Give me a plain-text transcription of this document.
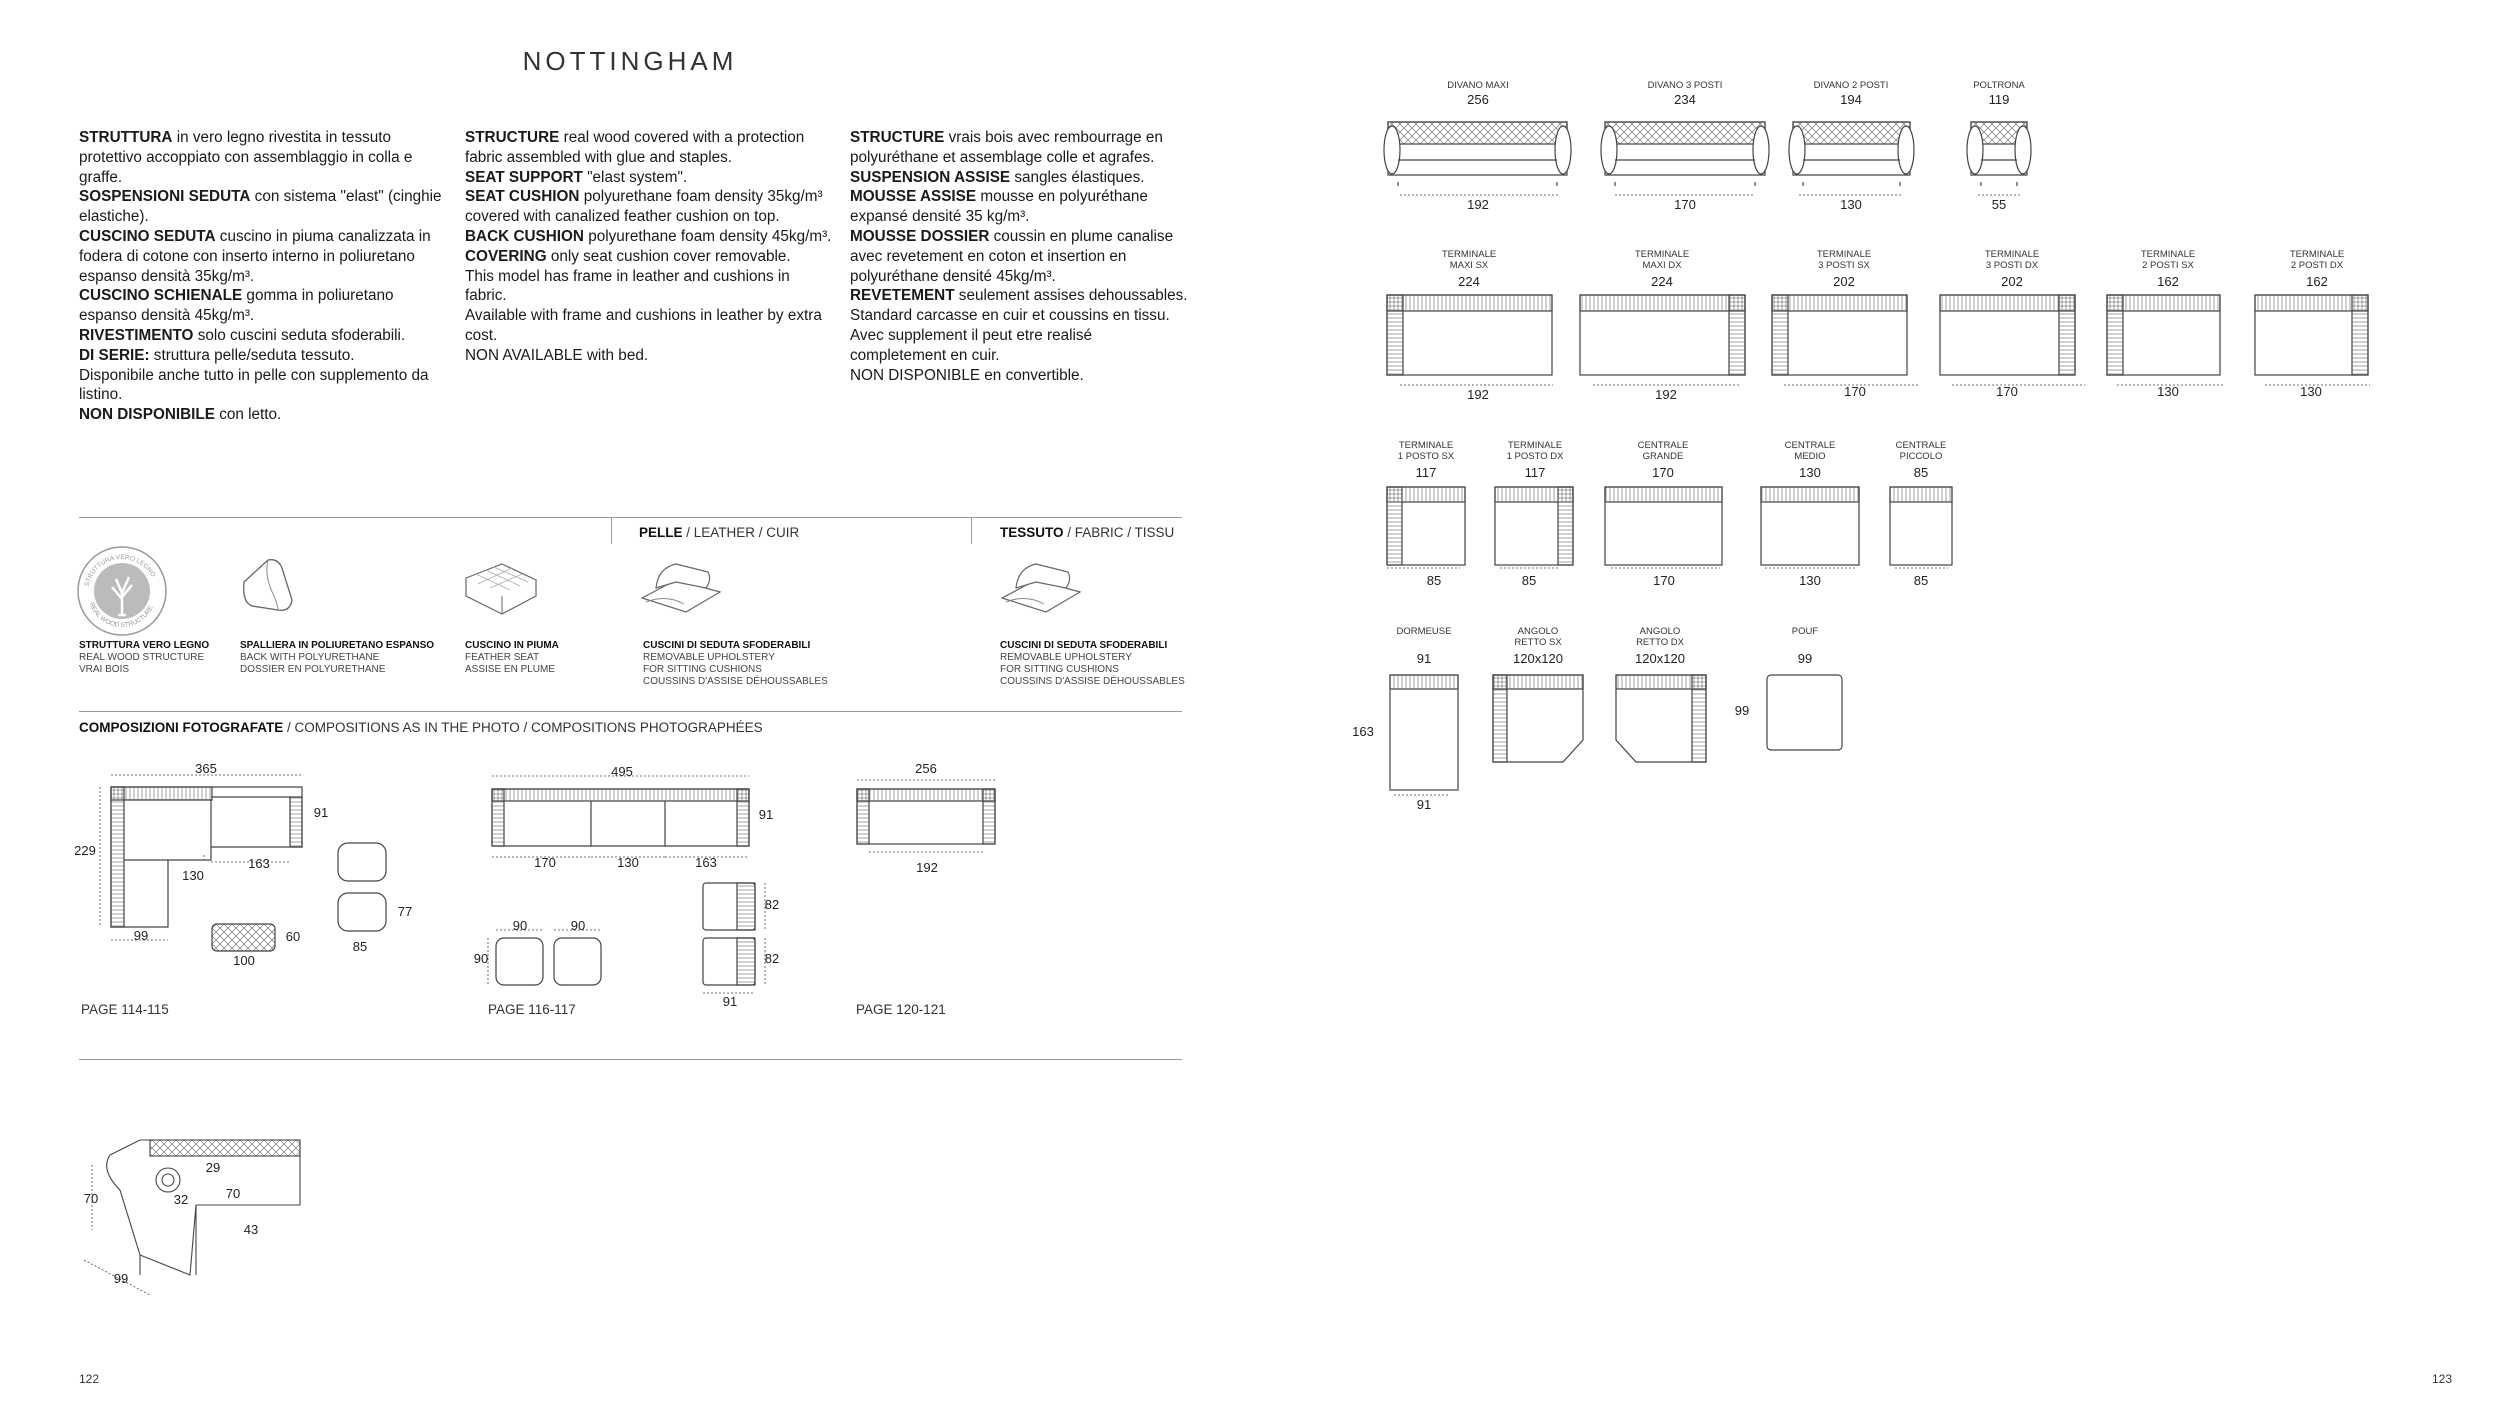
NOTTINGHAM
STRUTTURA in vero legno rivestita in tessuto protettivo accoppiato con assemblaggio in colla e graffe.
SOSPENSIONI SEDUTA con sistema "elast" (cinghie elastiche).
CUSCINO SEDUTA cuscino in piuma canalizzata in fodera di cotone con inserto interno in poliuretano espanso densità 35kg/m³.
CUSCINO SCHIENALE gomma in poliuretano espanso densità 45kg/m³.
RIVESTIMENTO solo cuscini seduta sfoderabili.
DI SERIE: struttura pelle/seduta tessuto.
Disponibile anche tutto in pelle con supplemento da listino.
NON DISPONIBILE con letto.
STRUCTURE real wood covered with a protection fabric assembled with glue and staples.
SEAT SUPPORT "elast system".
SEAT CUSHION polyurethane foam density 35kg/m³ covered with canalized feather cushion on top.
BACK CUSHION polyurethane foam density 45kg/m³.
COVERING only seat cushion cover removable.
This model has frame in leather and cushions in fabric.
Available with frame and cushions in leather by extra cost.
NON AVAILABLE with bed.
STRUCTURE vrais bois avec rembourrage en polyuréthane et assemblage colle et agrafes.
SUSPENSION ASSISE sangles élastiques.
MOUSSE ASSISE mousse en polyuréthane expansé densité 35 kg/m³.
MOUSSE DOSSIER coussin en plume canalise avec revetement en coton et insertion en polyuréthane densité 45kg/m³.
REVETEMENT seulement assises dehoussables.
Standard carcasse en cuir et coussins en tissu.
Avec supplement il peut etre realisé completement en cuir.
NON DISPONIBLE en convertible.
PELLE / LEATHER / CUIR	TESSUTO / FABRIC / TISSU
STRUTTURA VERO LEGNO
REAL WOOD STRUCTURE
STRUTTURA VERO LEGNO
REAL WOOD STRUCTURE
VRAI BOIS
SPALLIERA IN POLIURETANO ESPANSO
BACK WITH POLYURETHANE
DOSSIER EN POLYURETHANE
CUSCINO IN PIUMA
FEATHER SEAT
ASSISE EN PLUME
CUSCINI DI SEDUTA SFODERABILI
REMOVABLE UPHOLSTERY
FOR SITTING CUSHIONS
COUSSINS D'ASSISE DÉHOUSSABLES
CUSCINI DI SEDUTA SFODERABILI
REMOVABLE UPHOLSTERY
FOR SITTING CUSHIONS
COUSSINS D'ASSISE DÉHOUSSABLES
COMPOSIZIONI FOTOGRAFATE / COMPOSITIONS AS IN THE PHOTO / COMPOSITIONS PHOTOGRAPHÉES
365
229
91
163
130
99
77
85
60
100
PAGE 114-115
495
91
170	130	163
82
82
91
90	90
90
PAGE 116-117
256
192
PAGE 120-121
70
29
32	70
43
99
122	123
DIVANO MAXI
256
192
DIVANO 3 POSTI
234
170
DIVANO 2 POSTI
194
130
POLTRONA
119
55
TERMINALE
MAXI SX
224
192
TERMINALE
MAXI DX
224
192
TERMINALE
3 POSTI SX
202
170
TERMINALE
3 POSTI DX
202
170
TERMINALE
2 POSTI SX
162
130
TERMINALE
2 POSTI DX
162
130
TERMINALE
1 POSTO SX
117
85
TERMINALE
1 POSTO DX
117
85
CENTRALE
GRANDE
170
170
CENTRALE
MEDIO
130
130
CENTRALE
PICCOLO
85
85
DORMEUSE
91
163
91
ANGOLO
RETTO SX
120x120
ANGOLO
RETTO DX
120x120
POUF
99
99
